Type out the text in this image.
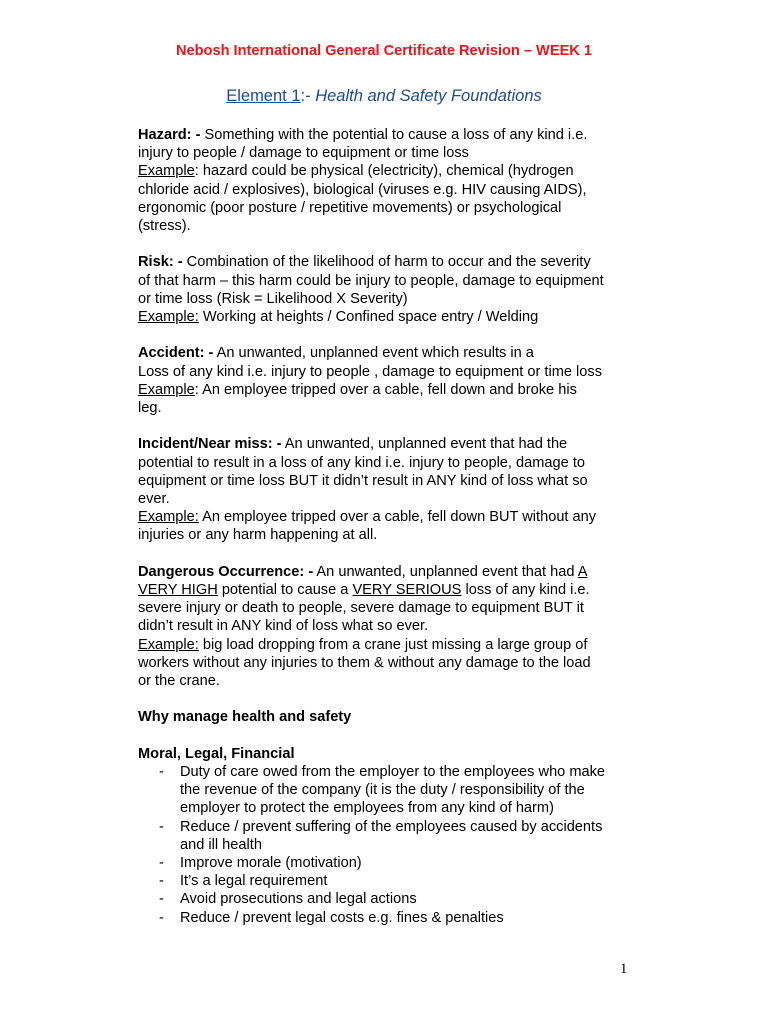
Nebosh International General Certificate Revision – WEEK 1
Element 1:- Health and Safety Foundations
Hazard: - Something with the potential to cause a loss of any kind i.e.
injury to people / damage to equipment or time loss
Example: hazard could be physical (electricity), chemical (hydrogen
chloride acid / explosives), biological (viruses e.g. HIV causing AIDS),
ergonomic (poor posture / repetitive movements) or psychological
(stress).
Risk: - Combination of the likelihood of harm to occur and the severity
of that harm – this harm could be injury to people, damage to equipment
or time loss (Risk = Likelihood X Severity)
Example: Working at heights / Confined space entry / Welding
Accident: - An unwanted, unplanned event which results in a
Loss of any kind i.e. injury to people , damage to equipment or time loss
Example: An employee tripped over a cable, fell down and broke his
leg.
Incident/Near miss: - An unwanted, unplanned event that had the
potential to result in a loss of any kind i.e. injury to people, damage to
equipment or time loss BUT it didn’t result in ANY kind of loss what so
ever.
Example: An employee tripped over a cable, fell down BUT without any
injuries or any harm happening at all.
Dangerous Occurrence: - An unwanted, unplanned event that had A
VERY HIGH potential to cause a VERY SERIOUS loss of any kind i.e.
severe injury or death to people, severe damage to equipment BUT it
didn’t result in ANY kind of loss what so ever.
Example: big load dropping from a crane just missing a large group of
workers without any injuries to them & without any damage to the load
or the crane.
Why manage health and safety
Moral, Legal, Financial
- Duty of care owed from the employer to the employees who make
the revenue of the company (it is the duty / responsibility of the
employer to protect the employees from any kind of harm)
- Reduce / prevent suffering of the employees caused by accidents
and ill health
- Improve morale (motivation)
- It’s a legal requirement
- Avoid prosecutions and legal actions
- Reduce / prevent legal costs e.g. fines & penalties
1
